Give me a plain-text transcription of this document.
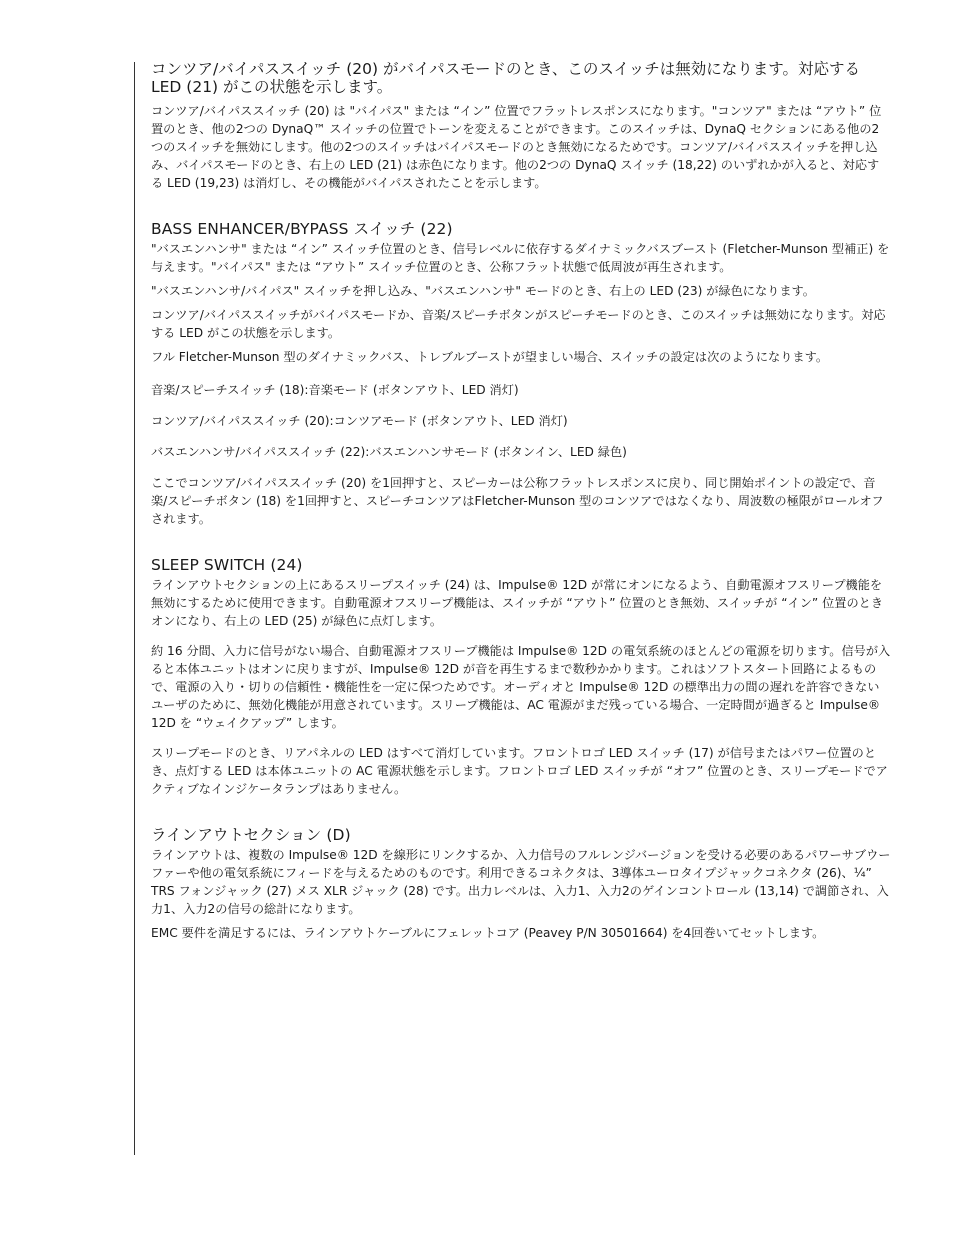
コンツア/バイパススイッチ (20) がバイパスモードのとき、このスイッチは無効になります。対応する LED (21) がこの状態を示します。

コンツア/バイパススイッチ (20) は "バイパス" または “イン” 位置でフラットレスポンスになります。"コンツア" または “アウト” 位置のとき、他の2つの DynaQ™ スイッチの位置でトーンを変えることができます。このスイッチは、DynaQ セクションにある他の2つのスイッチを無効にします。他の2つのスイッチはバイパスモードのとき無効になるためです。コンツア/バイパススイッチを押し込み、バイパスモードのとき、右上の LED (21) は赤色になります。他の2つの DynaQ スイッチ (18,22) のいずれかが入ると、対応する LED (19,23) は消灯し、その機能がバイパスされたことを示します。

BASS ENHANCER/BYPASS スイッチ (22)

"バスエンハンサ" または “イン” スイッチ位置のとき、信号レベルに依存するダイナミックバスブースト (Fletcher-Munson 型補正) を与えます。"バイパス" または “アウト” スイッチ位置のとき、公称フラット状態で低周波が再生されます。

"バスエンハンサ/バイパス" スイッチを押し込み、"バスエンハンサ" モードのとき、右上の LED (23) が緑色になります。

コンツア/バイパススイッチがバイパスモードか、音楽/スピーチボタンがスピーチモードのとき、このスイッチは無効になります。対応する LED がこの状態を示します。

フル Fletcher-Munson 型のダイナミックバス、トレブルブーストが望ましい場合、スイッチの設定は次のようになります。

音楽/スピーチスイッチ (18):音楽モード (ボタンアウト、LED 消灯)

コンツア/バイパススイッチ (20):コンツアモード (ボタンアウト、LED 消灯)

バスエンハンサ/バイパススイッチ (22):バスエンハンサモード (ボタンイン、LED 緑色)

ここでコンツア/バイパススイッチ (20) を1回押すと、スピーカーは公称フラットレスポンスに戻り、同じ開始ポイントの設定で、音楽/スピーチボタン (18) を1回押すと、スピーチコンツアはFletcher-Munson 型のコンツアではなくなり、周波数の極限がロールオフされます。

SLEEP SWITCH (24)

ラインアウトセクションの上にあるスリープスイッチ (24) は、Impulse® 12D が常にオンになるよう、自動電源オフスリープ機能を無効にするために使用できます。自動電源オフスリープ機能は、スイッチが “アウト” 位置のとき無効、スイッチが “イン” 位置のときオンになり、右上の LED (25) が緑色に点灯します。

約 16 分間、入力に信号がない場合、自動電源オフスリープ機能は Impulse® 12D の電気系統のほとんどの電源を切ります。信号が入ると本体ユニットはオンに戻りますが、Impulse® 12D が音を再生するまで数秒かかります。これはソフトスタート回路によるもので、電源の入り・切りの信頼性・機能性を一定に保つためです。オーディオと Impulse® 12D の標準出力の間の遅れを許容できないユーザのために、無効化機能が用意されています。スリープ機能は、AC 電源がまだ残っている場合、一定時間が過ぎると Impulse® 12D を “ウェイクアップ” します。

スリープモードのとき、リアパネルの LED はすべて消灯しています。フロントロゴ LED スイッチ (17) が信号またはパワー位置のとき、点灯する LED は本体ユニットの AC 電源状態を示します。フロントロゴ LED スイッチが “オフ” 位置のとき、スリープモードでアクティブなインジケータランプはありません。

ラインアウトセクション (D)

ラインアウトは、複数の Impulse® 12D を線形にリンクするか、入力信号のフルレンジバージョンを受ける必要のあるパワーサブウーファーや他の電気系統にフィードを与えるためのものです。利用できるコネクタは、3導体ユーロタイプジャックコネクタ (26)、¼” TRS フォンジャック (27) メス XLR ジャック (28) です。出力レベルは、入力1、入力2のゲインコントロール (13,14) で調節され、入力1、入力2の信号の総計になります。

EMC 要件を満足するには、ラインアウトケーブルにフェレットコア (Peavey P/N 30501664) を4回巻いてセットします。
